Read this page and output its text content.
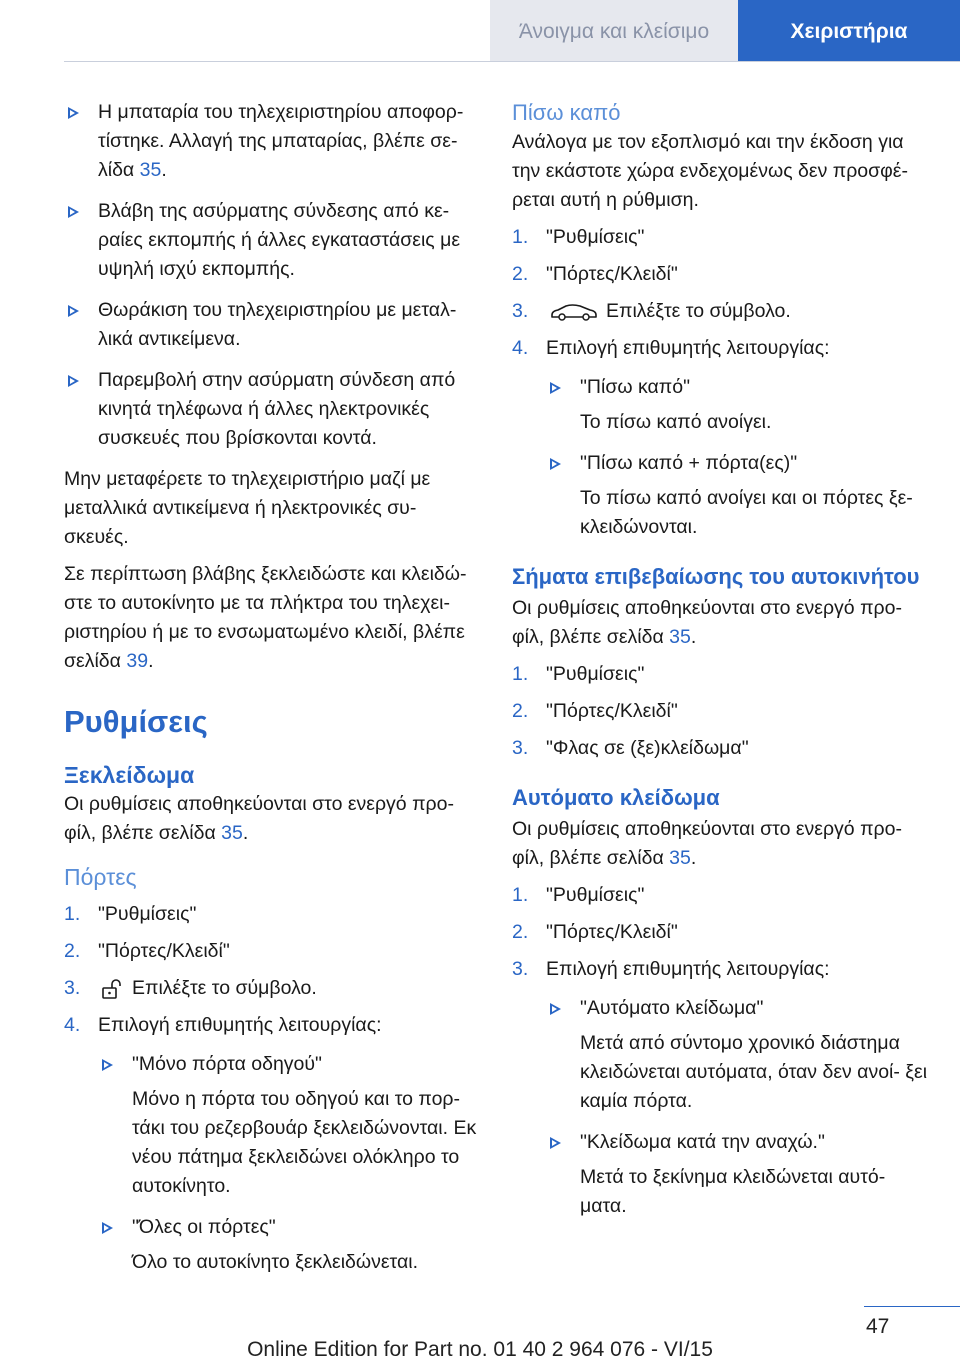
Άνοιγμα και κλείσιμο	Χειριστήρια
Η μπαταρία του τηλεχειριστηρίου αποφορ‐ τίστηκε. Αλλαγή της μπαταρίας, βλέπε σε‐ λίδα 35.
Βλάβη της ασύρματης σύνδεσης από κε‐ ραίες εκπομπής ή άλλες εγκαταστάσεις με υψηλή ισχύ εκπομπής.
Θωράκιση του τηλεχειριστηρίου με μεταλ‐ λικά αντικείμενα.
Παρεμβολή στην ασύρματη σύνδεση από κινητά τηλέφωνα ή άλλες ηλεκτρονικές συσκευές που βρίσκονται κοντά.

Μην μεταφέρετε το τηλεχειριστήριο μαζί με μεταλλικά αντικείμενα ή ηλεκτρονικές συ‐ σκευές.

Σε περίπτωση βλάβης ξεκλειδώστε και κλειδώ‐ στε το αυτοκίνητο με τα πλήκτρα του τηλεχει‐ ριστηρίου ή με το ενσωματωμένο κλειδί, βλέπε σελίδα 39.

Ρυθμίσεις
Ξεκλείδωμα

Οι ρυθμίσεις αποθηκεύονται στο ενεργό προ‐ φίλ, βλέπε σελίδα 35.

Πόρτες
1. "Ρυθμίσεις"
2. "Πόρτες/Κλειδί"
3.	Επιλέξτε το σύμβολο.
4. Επιλογή επιθυμητής λειτουργίας:
"Μόνο πόρτα οδηγού"
Μόνο η πόρτα του οδηγού και το πορ‐ τάκι του ρεζερβουάρ ξεκλειδώνονται. Εκ νέου πάτημα ξεκλειδώνει ολόκληρο το αυτοκίνητο.
"Όλες οι πόρτες"
Όλο το αυτοκίνητο ξεκλειδώνεται.
Πίσω καπό

Ανάλογα με τον εξοπλισμό και την έκδοση για την εκάστοτε χώρα ενδεχομένως δεν προσφέ‐ ρεται αυτή η ρύθμιση.

1. "Ρυθμίσεις"
2. "Πόρτες/Κλειδί"
3.	Επιλέξτε το σύμβολο.
4. Επιλογή επιθυμητής λειτουργίας:
"Πίσω καπό"
Το πίσω καπό ανοίγει.
"Πίσω καπό + πόρτα(ες)"
Το πίσω καπό ανοίγει και οι πόρτες ξε‐ κλειδώνονται.
Σήματα επιβεβαίωσης του αυτοκινήτου

Οι ρυθμίσεις αποθηκεύονται στο ενεργό προ‐ φίλ, βλέπε σελίδα 35.

1. "Ρυθμίσεις"
2. "Πόρτες/Κλειδί"
3. "Φλας σε (ξε)κλείδωμα"
Αυτόματο κλείδωμα

Οι ρυθμίσεις αποθηκεύονται στο ενεργό προ‐ φίλ, βλέπε σελίδα 35.

1. "Ρυθμίσεις"
2. "Πόρτες/Κλειδί"
3. Επιλογή επιθυμητής λειτουργίας:
"Αυτόματο κλείδωμα"
Μετά από σύντομο χρονικό διάστημα κλειδώνεται αυτόματα, όταν δεν ανοί‐ ξει καμία πόρτα.
"Κλείδωμα κατά την αναχώ."
Μετά το ξεκίνημα κλειδώνεται αυτό‐ ματα.
47
Online Edition for Part no. 01 40 2 964 076 - VI/15
